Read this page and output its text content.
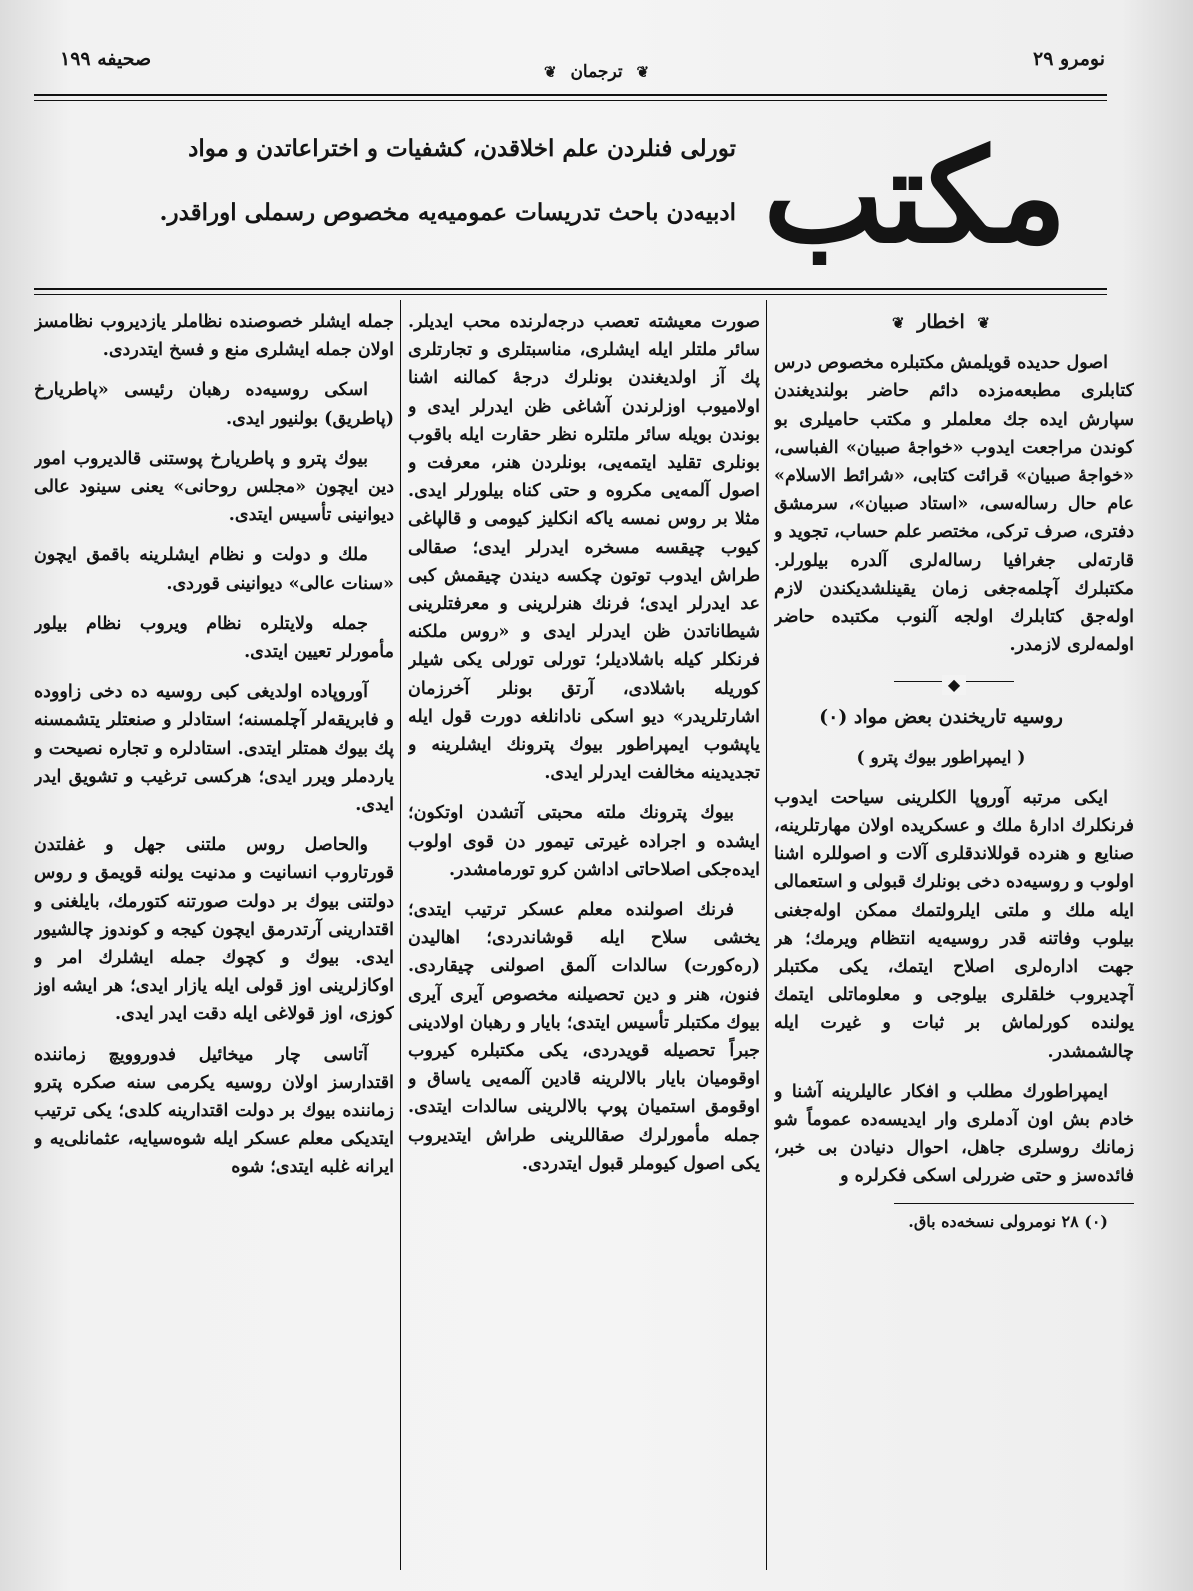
نومرو ۲۹
صحیفه ۱۹۹
❦ ترجمان ❦
مکتب
تورلی فنلردن علم اخلاقدن، کشفیات و اختراعاتدن و مواد
ادبیه‌دن باحث تدریسات عمومیه‌یه مخصوص رسملی اوراقدر.

❦ اخطار ❦

اصول حدیده قویلمش مکتبلره مخصوص درس کتابلری مطبعه‌مزده دائم حاضر بولندیغندن سپارش ایده جك معلملر و مکتب حامیلری بو کوندن مراجعت ایدوب «خواجهٔ صبیان» الفباسی، «خواجهٔ صبیان» قرائت کتابی، «شرائط الاسلام» عام حال رساله‌سی، «استاد صبیان»، سر‌مشق دفتری، صرف ترکی، مختصر علم حساب، تجوید و قارته‌لی جغرافیا رساله‌لری آلدره بیلورلر. مکتبلرك آچلمه‌جغی زمان یقینلشدیکندن لازم اوله‌جق کتابلرك اولجه آلنوب مکتبده حاضر اولمه‌لری لازمدر.

◆

روسیه تاریخندن بعض مواد (٠)

( ایمپراطور بیوك پترو )

ایکی مرتبه آوروپا الکلرینی سیاحت ایدوب فرنکلرك ادارهٔ ملك و عسکریده اولان مهارتلرینه، صنایع و هنرده قوللاندقلری آلات و اصوللره اشنا اولوب و روسیه‌ده دخی بونلرك قبولی و استعمالی ایله ملك و ملتی ایلرولتمك ممکن اوله‌جغنی بیلوب وفاتنه قدر روسیه‌یه انتظام ویرمك؛ هر جهت اداره‌لری اصلاح ایتمك، یکی مکتبلر آچدیروب خلقلری بیلوجی و معلوماتلی ایتمك یولنده کورلماش بر ثبات و غیرت ایله چالشمشدر.

ایمپراطورك مطلب و افکار عالیلرینه آشنا و خادم بش اون آدملری وار ایدیسه‌ده عموماً شو زمانك روسلری جاهل، احوال دنیادن بی خبر، فائده‌سز و حتی ضررلی اسکی فکرلره و

(٠) ۲۸ نومرولی نسخه‌ده باق.

صورت معیشته تعصب درجه‌لرنده محب ایدیلر. سائر ملتلر ایله ایشلری، مناسبتلری و تجارتلری پك آز اولدیغندن بونلرك درجهٔ کمالنه اشنا اولامیوب اوزلرندن آشاغی ظن ایدرلر ایدی و بوندن بویله سائر ملتلره نظر حقارت ایله باقوب بونلری تقلید ایتمه‌یی، بونلردن هنر، معرفت و اصول آلمه‌یی مکروه و حتی کناه بیلورلر ایدی. مثلا بر روس نمسه یاکه انکلیز کیومی و قالپاغی کیوب چیقسه مسخره ایدرلر ایدی؛ صقالی طراش ایدوب توتون چکسه دیندن چیقمش کبی عد ایدرلر ایدی؛ فرنك هنرلرینی و معرفتلرینی شیطاناتدن ظن ایدرلر ایدی و «روس ملکنه فرنکلر کیله باشلادیلر؛ تورلی تورلی یکی شیلر کوریله باشلادی، آرتق بونلر آخرزمان اشارتلریدر» دیو اسکی نادانلغه دورت قول ایله یاپشوب ایمپراطور بیوك پترونك ایشلرینه و تجدیدینه مخالفت ایدرلر ایدی.

بیوك پترونك ملته محبتی آتشدن اوتکون؛ ایشده و اجراده غیرتی تیمور دن قوی اولوب ایده‌جکی اصلاحاتی اداشن کرو تورمامشدر.

فرنك اصولنده معلم عسکر ترتیب ایتدی؛ یخشی سلاح ایله قوشاندردی؛ اهالیدن (ره‌کورت) سالدات آلمق اصولنی چیقاردی. فنون، هنر و دین تحصیلنه مخصوص آیری آیری بیوك مکتبلر تأسیس ایتدی؛ بایار و رهبان اولادینی جبراً تحصیله قویدردی، یکی مکتبلره کیروب اوقومیان بایار بالالرینه قادین آلمه‌یی یاساق و اوقومق استمیان پوپ بالالرینی سالدات ایتدی. جمله مأمورلرك صقاللرینی طراش ایتدیروب یکی اصول کیوملر قبول ایتدردی.

جمله ایشلر خصوصنده نظاملر یازدیروب نظامسز اولان جمله ایشلری منع و فسخ ایتدردی.

اسکی روسیه‌ده رهبان رئیسی «پاطریارخ (پاطریق) بولنیور ایدی.

بیوك پترو و پاطریارخ پوستنی قالدیروب امور دین ایچون «مجلس روحانی» یعنی سینود عالی دیوانینی تأسیس ایتدی.

ملك و دولت و نظام ایشلرینه باقمق ایچون «سنات عالی» دیوانینی قوردی.

جمله ولایتلره نظام ویروب نظام بیلور مأمورلر تعیین ایتدی.

آوروپاده اولدیغی کبی روسیه ده دخی زاووده و فابریقه‌لر آچلمسنه؛ استادلر و صنعتلر یتشمسنه پك بیوك همتلر ایتدی. استادلره و تجاره نصیحت و یاردملر ویرر ایدی؛ هرکسی ترغیب و تشویق ایدر ایدی.

والحاصل روس ملتنی جهل و غفلتدن قورتاروب انسانیت و مدنیت یولنه قویمق و روس دولتنی بیوك بر دولت صورتنه کتورمك، بایلغنی و اقتدارینی آرتدرمق ایچون کیجه و کوندوز چالشیور ایدی. بیوك و کچوك جمله ایشلرك امر و اوکازلرینی اوز قولی ایله یازار ایدی؛ هر ایشه اوز کوزی، اوز قولاغی ایله دقت ایدر ایدی.

آتاسی چار میخائیل فدوروویچ زماننده اقتدارسز اولان روسیه یکرمی سنه صکره پترو زماننده بیوك بر دولت اقتدارینه کلدی؛ یکی ترتیب ایتدیکی معلم عسکر ایله شوه‌سیایه، عثمانلی‌یه و ایرانه غلبه ایتدی؛ شوه
